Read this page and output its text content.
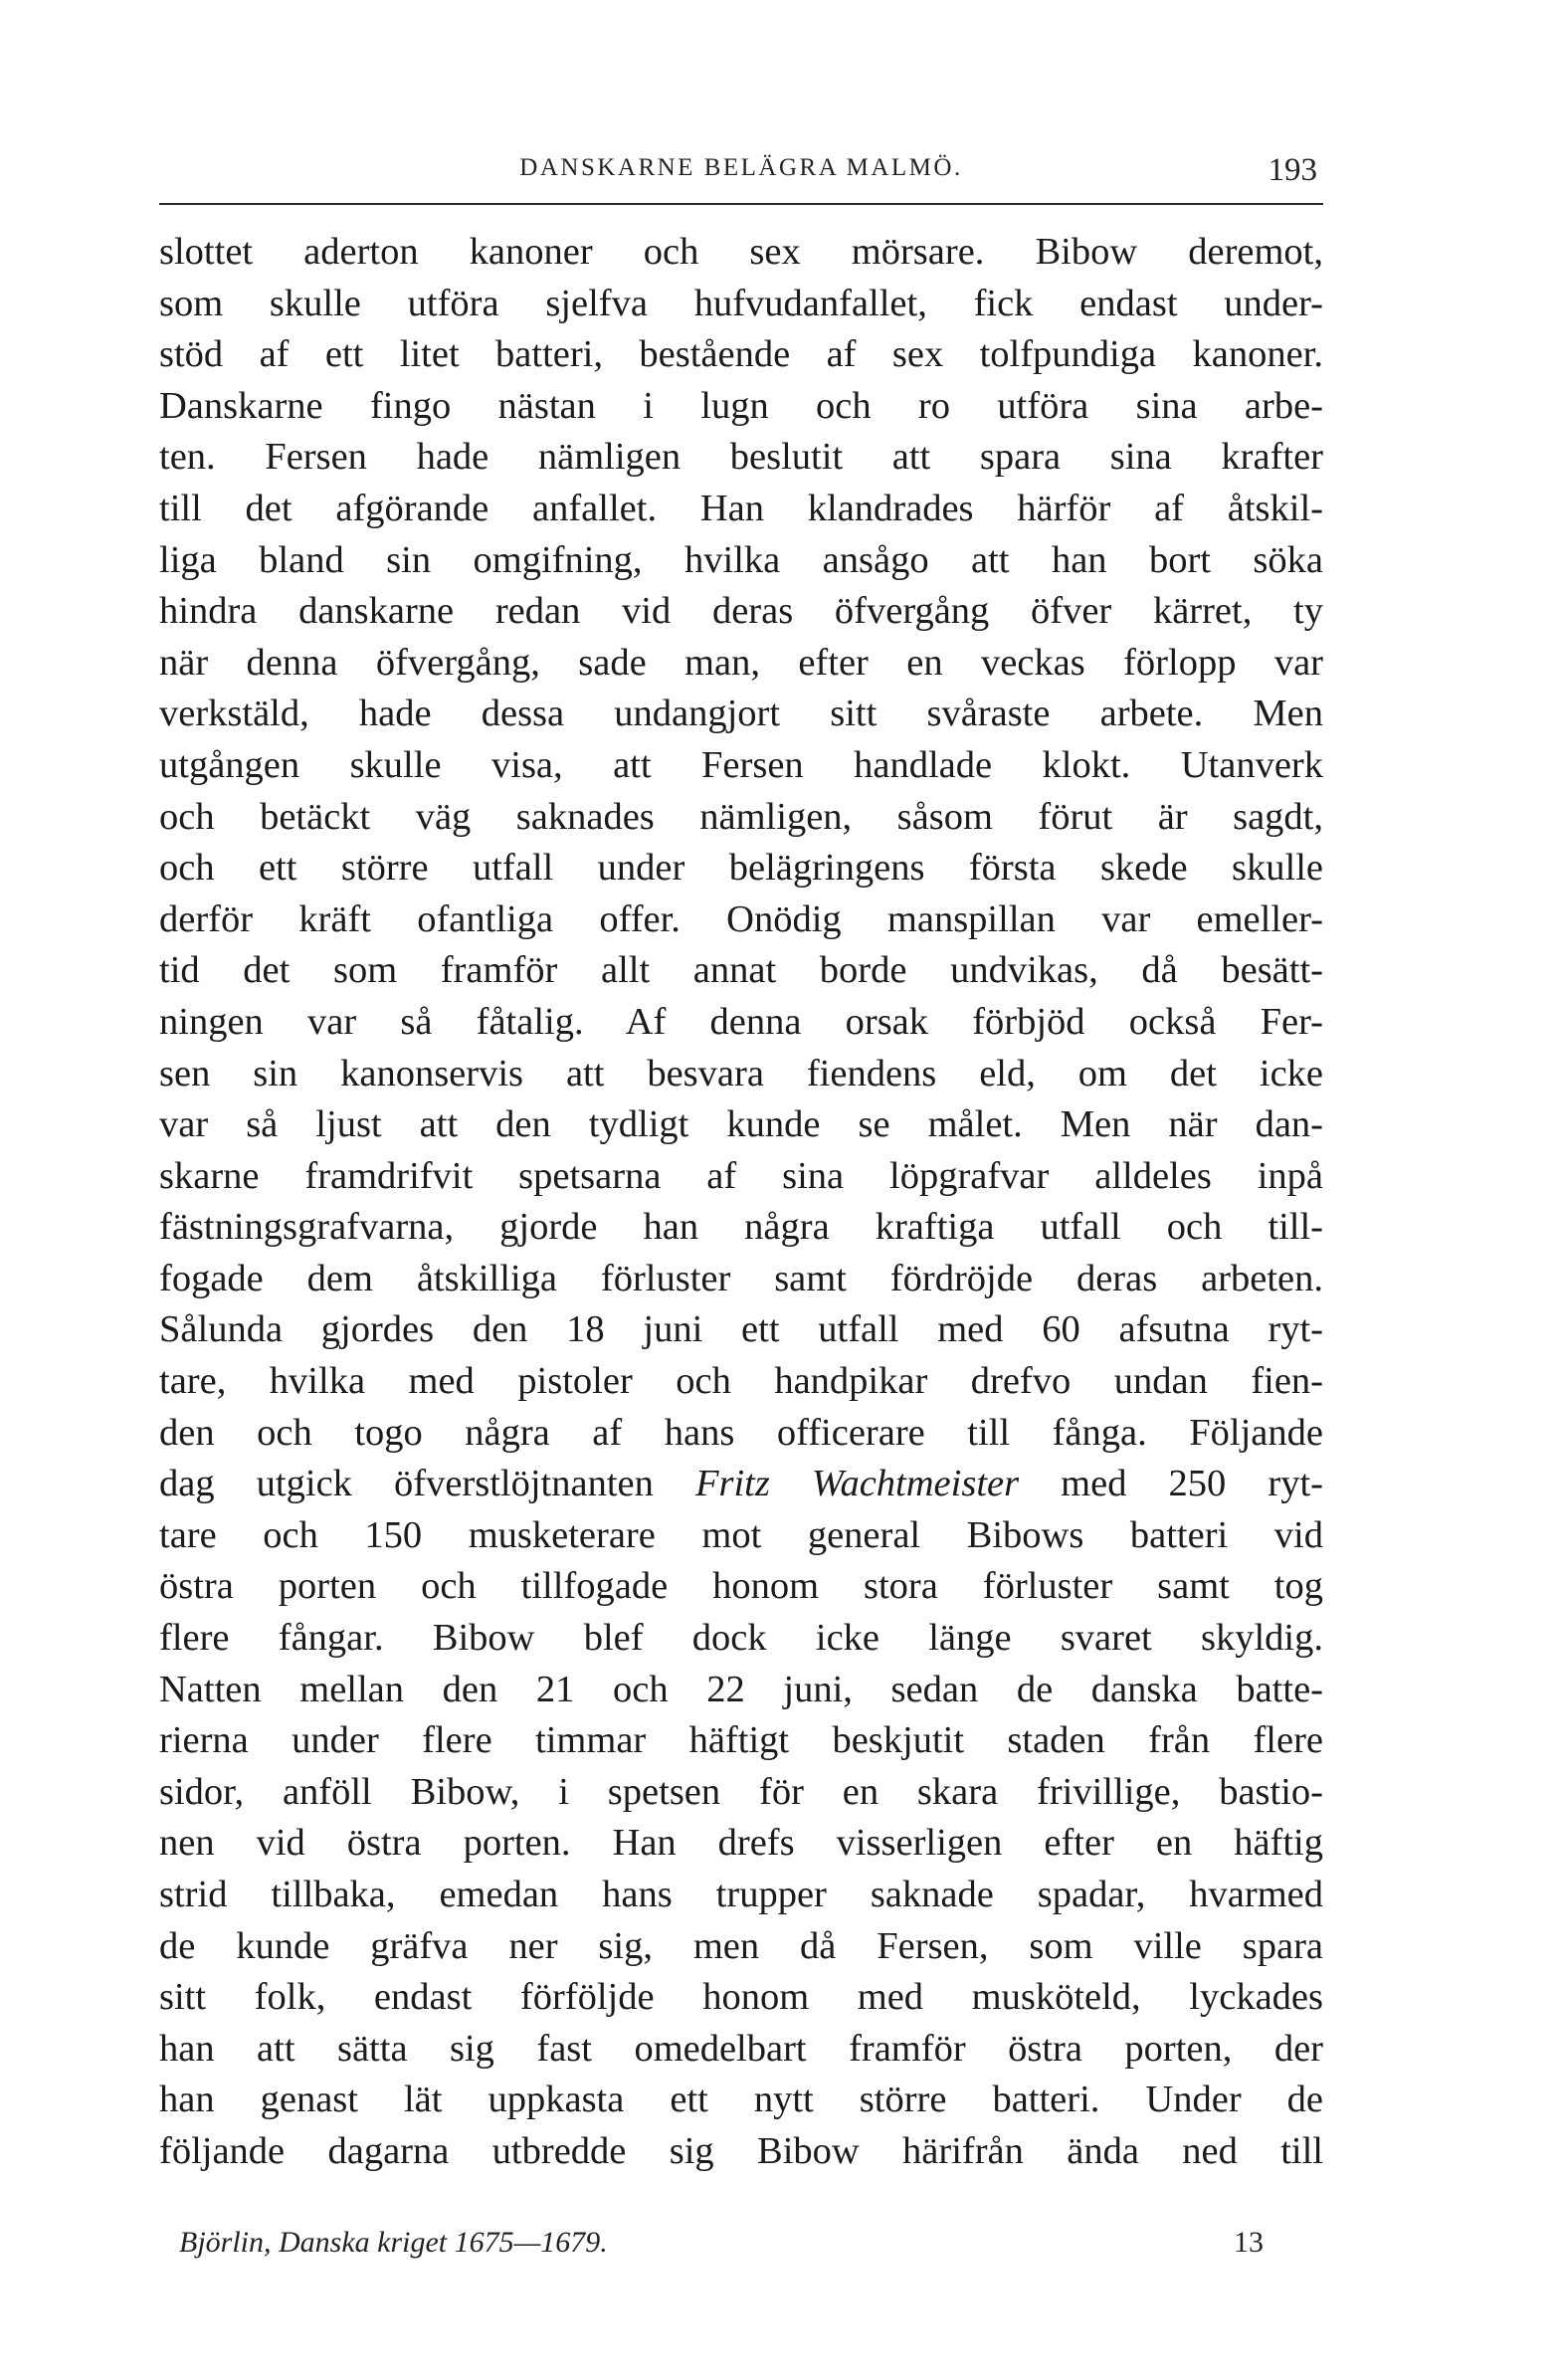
DANSKARNE BELÄGRA MALMÖ.	193
slottet aderton kanoner och sex mörsare. Bibow deremot,
som skulle utföra sjelfva hufvudanfallet, fick endast under-
stöd af ett litet batteri, bestående af sex tolfpundiga kanoner.
Danskarne fingo nästan i lugn och ro utföra sina arbe-
ten. Fersen hade nämligen beslutit att spara sina krafter
till det afgörande anfallet. Han klandrades härför af åtskil-
liga bland sin omgifning, hvilka ansågo att han bort söka
hindra danskarne redan vid deras öfvergång öfver kärret, ty
när denna öfvergång, sade man, efter en veckas förlopp var
verkstäld, hade dessa undangjort sitt svåraste arbete. Men
utgången skulle visa, att Fersen handlade klokt. Utanverk
och betäckt väg saknades nämligen, såsom förut är sagdt,
och ett större utfall under belägringens första skede skulle
derför kräft ofantliga offer. Onödig manspillan var emeller-
tid det som framför allt annat borde undvikas, då besätt-
ningen var så fåtalig. Af denna orsak förbjöd också Fer-
sen sin kanonservis att besvara fiendens eld, om det icke
var så ljust att den tydligt kunde se målet. Men när dan-
skarne framdrifvit spetsarna af sina löpgrafvar alldeles inpå
fästningsgrafvarna, gjorde han några kraftiga utfall och till-
fogade dem åtskilliga förluster samt fördröjde deras arbeten.
Sålunda gjordes den 18 juni ett utfall med 60 afsutna ryt-
tare, hvilka med pistoler och handpikar drefvo undan fien-
den och togo några af hans officerare till fånga. Följande
dag utgick öfverstlöjtnanten Fritz Wachtmeister med 250 ryt-
tare och 150 musketerare mot general Bibows batteri vid
östra porten och tillfogade honom stora förluster samt tog
flere fångar. Bibow blef dock icke länge svaret skyldig.
Natten mellan den 21 och 22 juni, sedan de danska batte-
rierna under flere timmar häftigt beskjutit staden från flere
sidor, anföll Bibow, i spetsen för en skara frivillige, bastio-
nen vid östra porten. Han drefs visserligen efter en häftig
strid tillbaka, emedan hans trupper saknade spadar, hvarmed
de kunde gräfva ner sig, men då Fersen, som ville spara
sitt folk, endast förföljde honom med musköteld, lyckades
han att sätta sig fast omedelbart framför östra porten, der
han genast lät uppkasta ett nytt större batteri. Under de
följande dagarna utbredde sig Bibow härifrån ända ned till
Björlin, Danska kriget 1675—1679.	13
